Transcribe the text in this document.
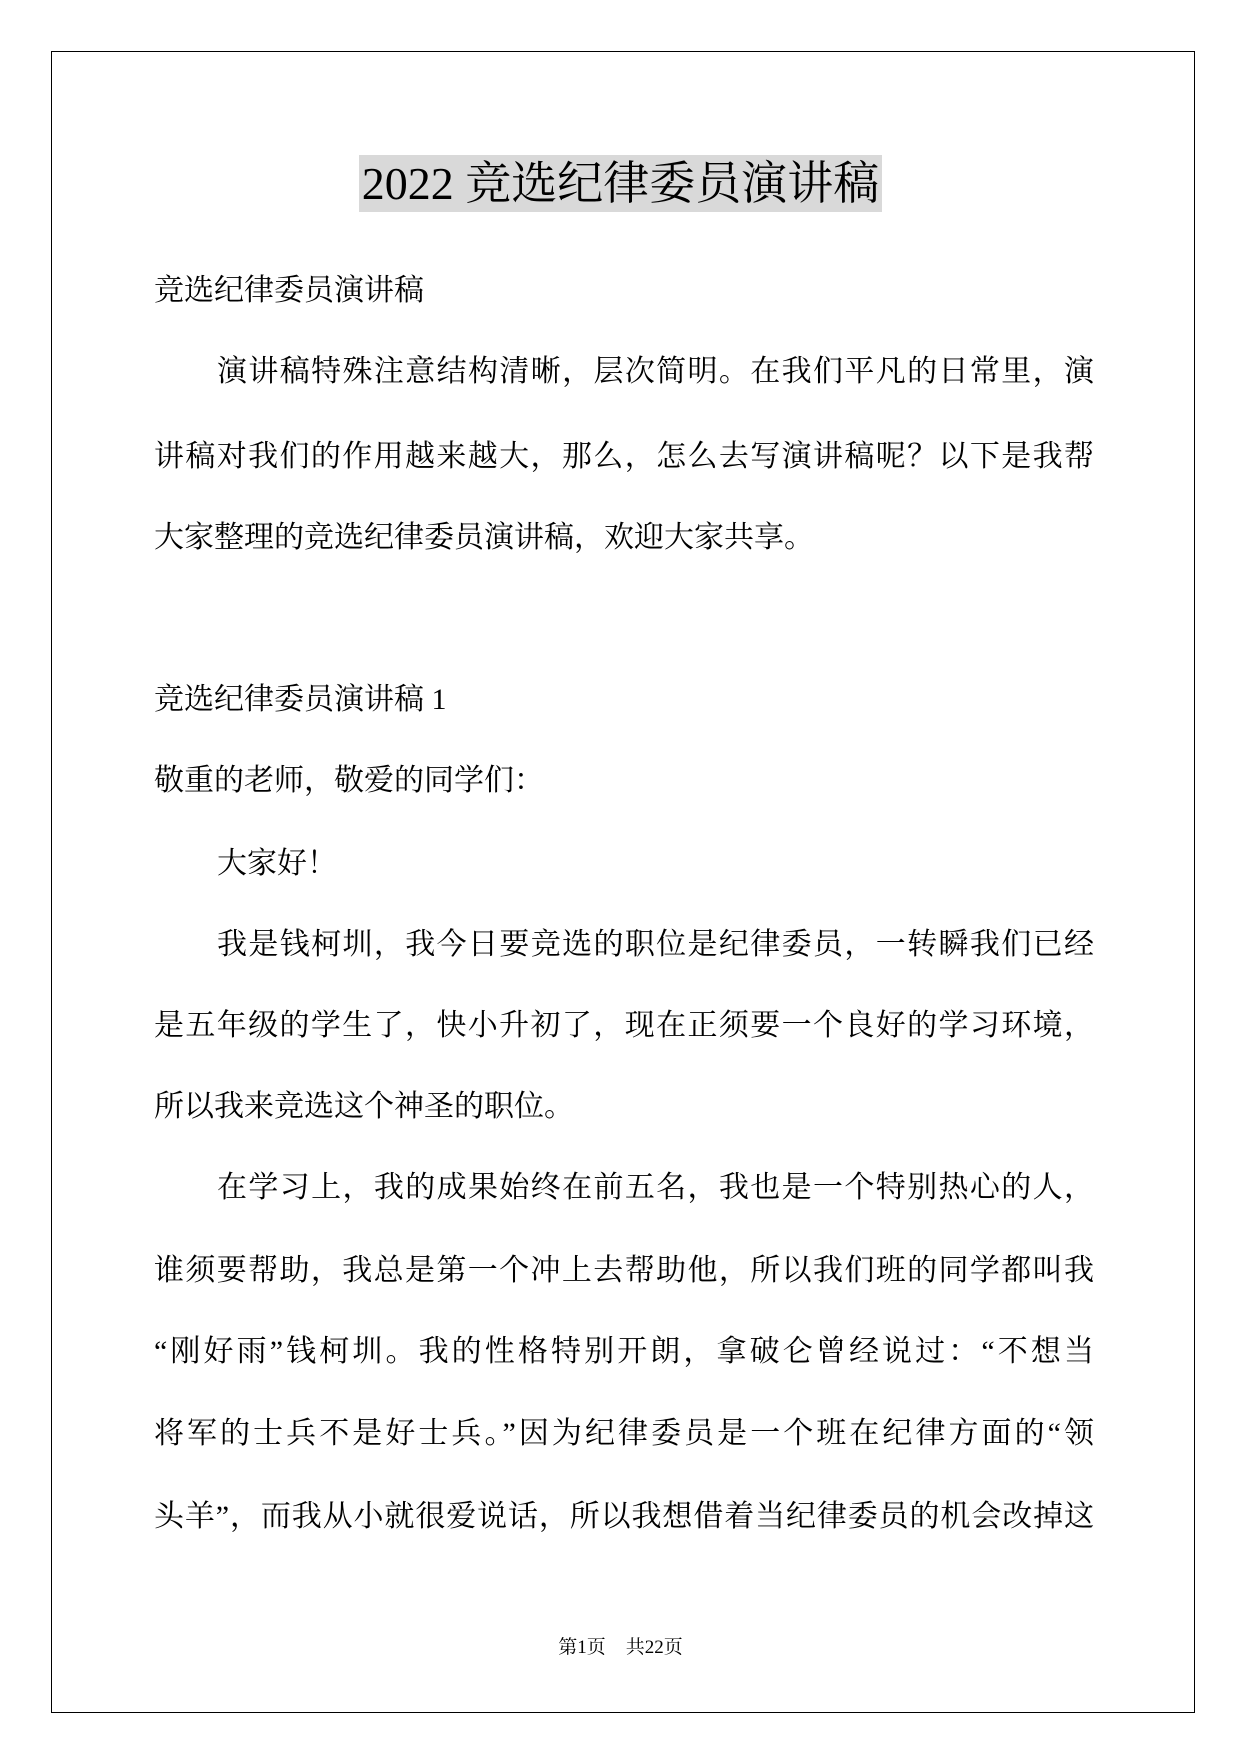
2022 竞选纪律委员演讲稿
竞选纪律委员演讲稿
演讲稿特殊注意结构清晰，层次简明。在我们平凡的日常里，演
讲稿对我们的作用越来越大，那么，怎么去写演讲稿呢？以下是我帮
大家整理的竞选纪律委员演讲稿，欢迎大家共享。
竞选纪律委员演讲稿 1
敬重的老师，敬爱的同学们：
大家好！
我是钱柯圳，我今日要竞选的职位是纪律委员，一转瞬我们已经
是五年级的学生了，快小升初了，现在正须要一个良好的学习环境，
所以我来竞选这个神圣的职位。
在学习上，我的成果始终在前五名，我也是一个特别热心的人，
谁须要帮助，我总是第一个冲上去帮助他，所以我们班的同学都叫我
“刚好雨”钱柯圳。我的性格特别开朗，拿破仑曾经说过：“不想当
将军的士兵不是好士兵。”因为纪律委员是一个班在纪律方面的“领
头羊”，而我从小就很爱说话，所以我想借着当纪律委员的机会改掉这
第1页 共22页
